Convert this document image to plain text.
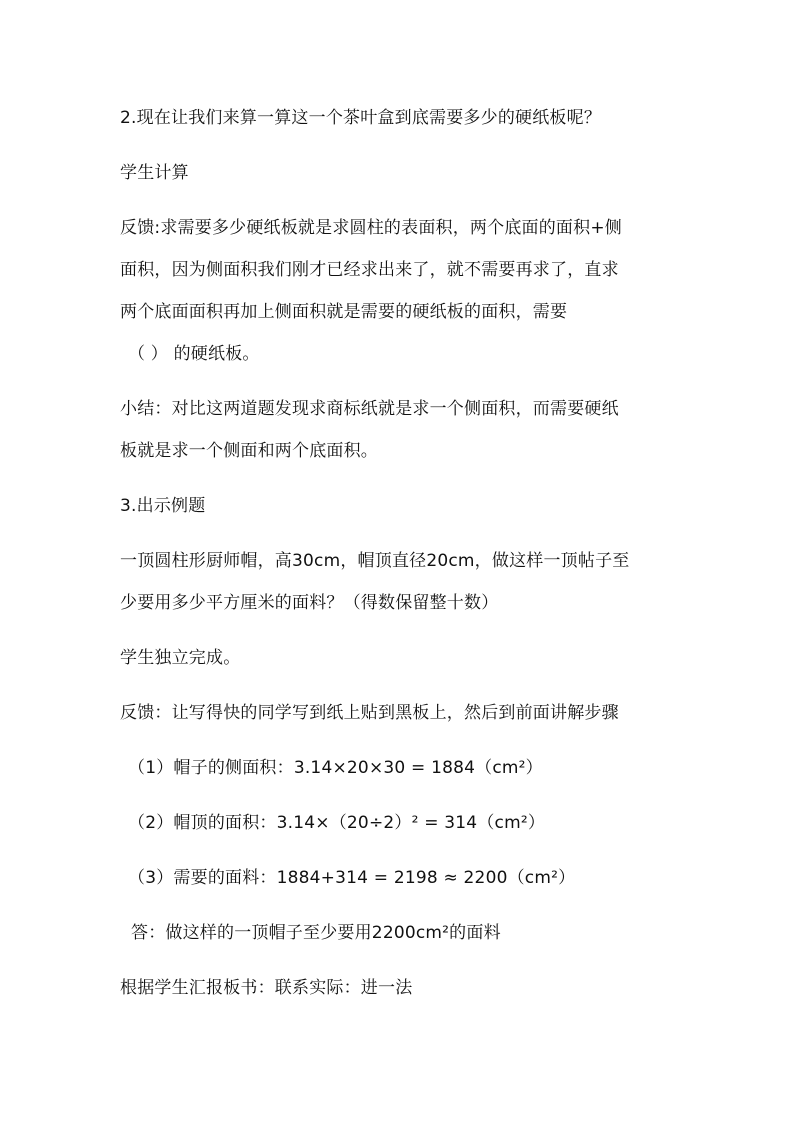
2.现在让我们来算一算这一个茶叶盒到底需要多少的硬纸板呢？
学生计算
反馈:求需要多少硬纸板就是求圆柱的表面积，两个底面的面积+侧
面积，因为侧面积我们刚才已经求出来了，就不需要再求了，直求
两个底面面积再加上侧面积就是需要的硬纸板的面积，需要
（ ） 的硬纸板。
小结：对比这两道题发现求商标纸就是求一个侧面积，而需要硬纸
板就是求一个侧面和两个底面积。
3.出示例题
一顶圆柱形厨师帽，高30cm，帽顶直径20cm，做这样一顶帖子至
少要用多少平方厘米的面料？（得数保留整十数）
学生独立完成。
反馈：让写得快的同学写到纸上贴到黑板上，然后到前面讲解步骤
（1）帽子的侧面积：3.14×20×30 = 1884（cm²）
（2）帽顶的面积：3.14×（20÷2）² = 314（cm²）
（3）需要的面料：1884+314 = 2198 ≈ 2200（cm²）
答：做这样的一顶帽子至少要用2200cm²的面料
根据学生汇报板书：联系实际：进一法
